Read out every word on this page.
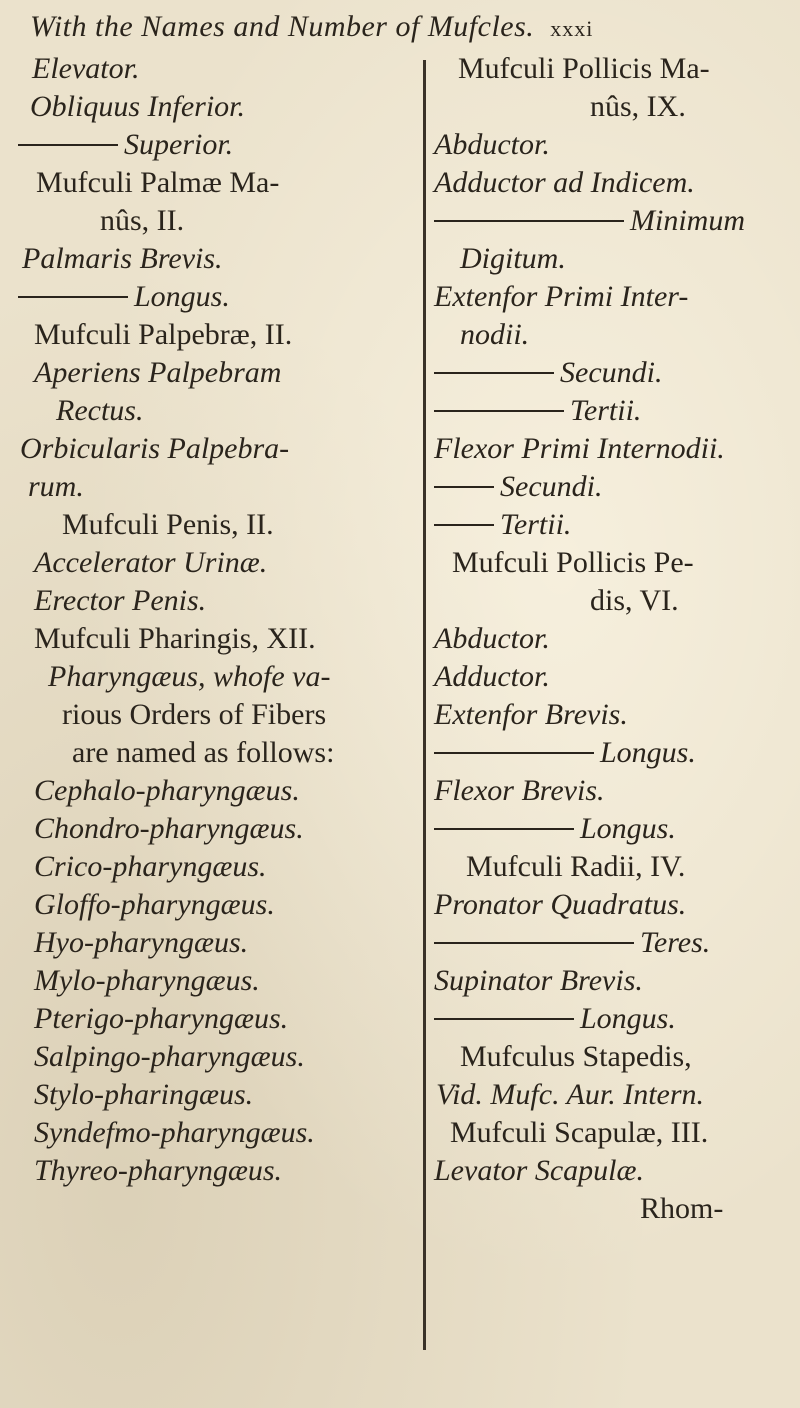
With the Names and Number of Mufcles. xxxi
Elevator.
Obliquus Inferior.
Superior.
Mufculi Palmæ Ma-
nûs, II.
Palmaris Brevis.
Longus.
Mufculi Palpebræ, II.
Aperiens Palpebram
Rectus.
Orbicularis Palpebra-
rum.
Mufculi Penis, II.
Accelerator Urinæ.
Erector Penis.
Mufculi Pharingis, XII.
Pharyngæus, whofe va-
rious Orders of Fibers
are named as follows:
Cephalo-pharyngæus.
Chondro-pharyngæus.
Crico-pharyngæus.
Gloffo-pharyngæus.
Hyo-pharyngæus.
Mylo-pharyngæus.
Pterigo-pharyngæus.
Salpingo-pharyngæus.
Stylo-pharingæus.
Syndefmo-pharyngæus.
Thyreo-pharyngæus.
Mufculi Pollicis Ma-
nûs, IX.
Abductor.
Adductor ad Indicem.
Minimum
Digitum.
Extenfor Primi Inter-
nodii.
Secundi.
Tertii.
Flexor Primi Internodii.
Secundi.
Tertii.
Mufculi Pollicis Pe-
dis, VI.
Abductor.
Adductor.
Extenfor Brevis.
Longus.
Flexor Brevis.
Longus.
Mufculi Radii, IV.
Pronator Quadratus.
Teres.
Supinator Brevis.
Longus.
Mufculus Stapedis,
Vid. Mufc. Aur. Intern.
Mufculi Scapulæ, III.
Levator Scapulæ.
Rhom-
